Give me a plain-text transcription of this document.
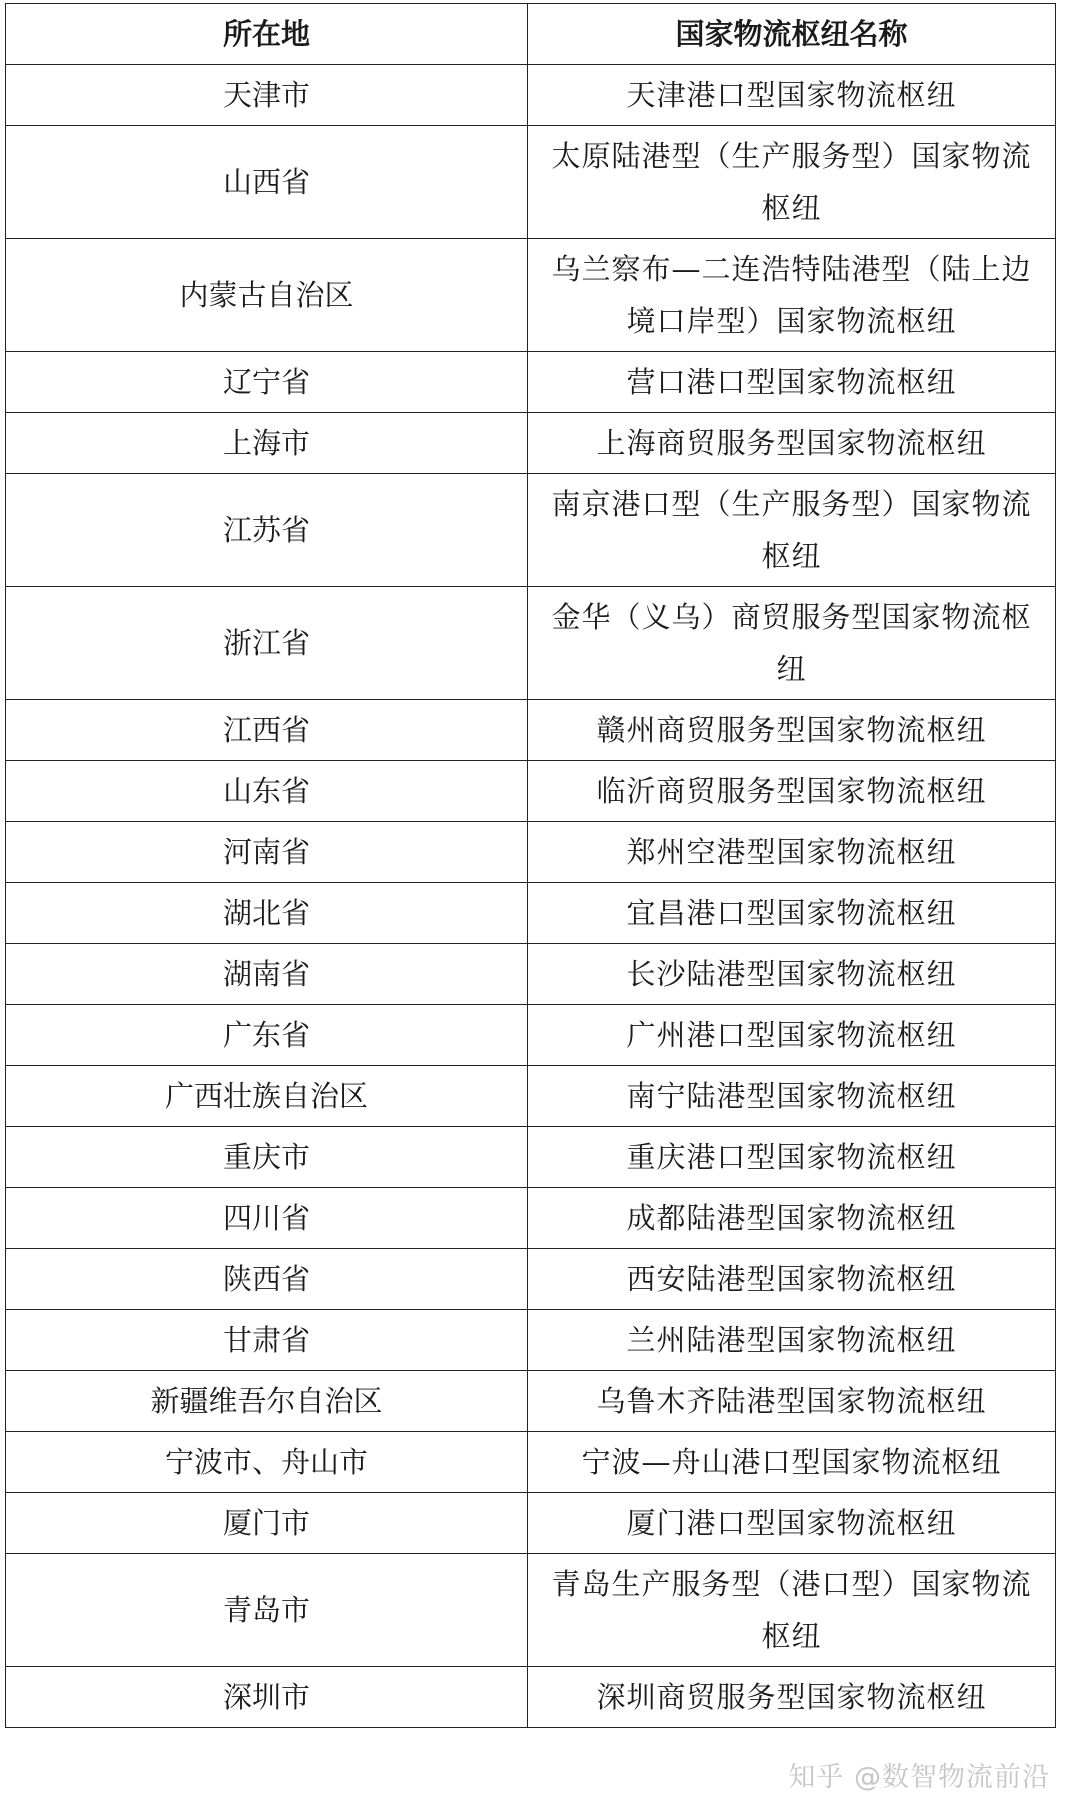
所在地	国家物流枢纽名称
天津市	天津港口型国家物流枢纽
山西省	太原陆港型（生产服务型）国家物流枢纽
内蒙古自治区	乌兰察布—二连浩特陆港型（陆上边境口岸型）国家物流枢纽
辽宁省	营口港口型国家物流枢纽
上海市	上海商贸服务型国家物流枢纽
江苏省	南京港口型（生产服务型）国家物流枢纽
浙江省	金华（义乌）商贸服务型国家物流枢纽
江西省	赣州商贸服务型国家物流枢纽
山东省	临沂商贸服务型国家物流枢纽
河南省	郑州空港型国家物流枢纽
湖北省	宜昌港口型国家物流枢纽
湖南省	长沙陆港型国家物流枢纽
广东省	广州港口型国家物流枢纽
广西壮族自治区	南宁陆港型国家物流枢纽
重庆市	重庆港口型国家物流枢纽
四川省	成都陆港型国家物流枢纽
陕西省	西安陆港型国家物流枢纽
甘肃省	兰州陆港型国家物流枢纽
新疆维吾尔自治区	乌鲁木齐陆港型国家物流枢纽
宁波市、舟山市	宁波—舟山港口型国家物流枢纽
厦门市	厦门港口型国家物流枢纽
青岛市	青岛生产服务型（港口型）国家物流枢纽
深圳市	深圳商贸服务型国家物流枢纽
知乎 @数智物流前沿
